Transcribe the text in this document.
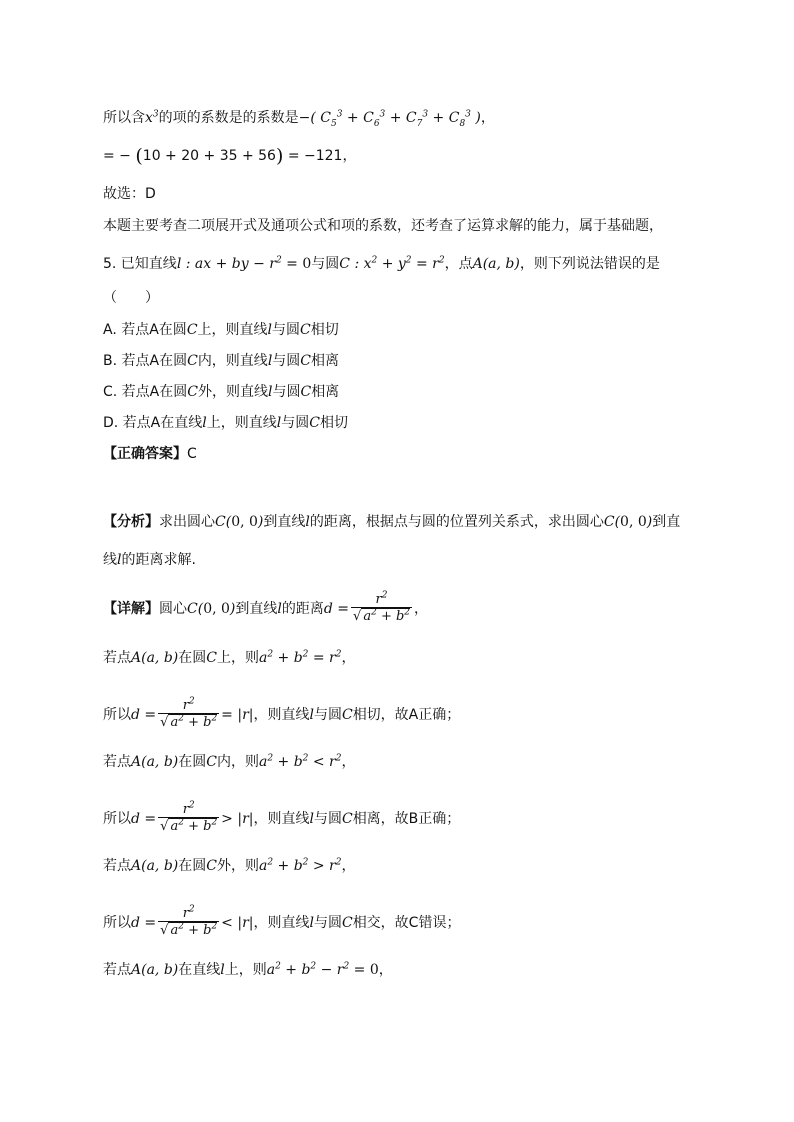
所以含$x^3$的项的系数是的系数是−( $C_5^3 + C_6^3 + C_7^3 + C_8^3$ )，
= − (10 + 20 + 35 + 56) = −121，
故选：D
本题主要考查二项展开式及通项公式和项的系数，还考查了运算求解的能力，属于基础题，
5. 已知直线l : ax + by − $r^2 = 0$与圆C : $x^2 + y^2 = r^2$，点A(a, b)，则下列说法错误的是
（　　）
A. 若点A在圆C上，则直线l与圆C相切
B. 若点A在圆C内，则直线l与圆C相离
C. 若点A在圆C外，则直线l与圆C相离
D. 若点A在直线l上，则直线l与圆C相切
【正确答案】C
【分析】求出圆心C(0, 0)到直线l的距离，根据点与圆的位置列关系式，求出圆心C(0, 0)到直
线l的距离求解.
【详解】圆心C(0, 0)到直线l的距离$d = \frac{r^2}{√ a^2 + b^2}$ ，
若点A(a, b)在圆C上，则$a^2 + b^2 = r^2$，
所以$d = \frac{r^2}{√ a^2 + b^2} = |r|$，则直线l与圆C相切，故A正确；
若点A(a, b)在圆C内，则$a^2 + b^2 < r^2$，
所以$d = \frac{r^2}{√ a^2 + b^2} > |r|$，则直线l与圆C相离，故B正确；
若点A(a, b)在圆C外，则$a^2 + b^2 > r^2$，
所以$d = \frac{r^2}{√ a^2 + b^2} < |r|$，则直线l与圆C相交，故C错误；
若点A(a, b)在直线l上，则$a^2 + b^2 - r^2 = 0$，
